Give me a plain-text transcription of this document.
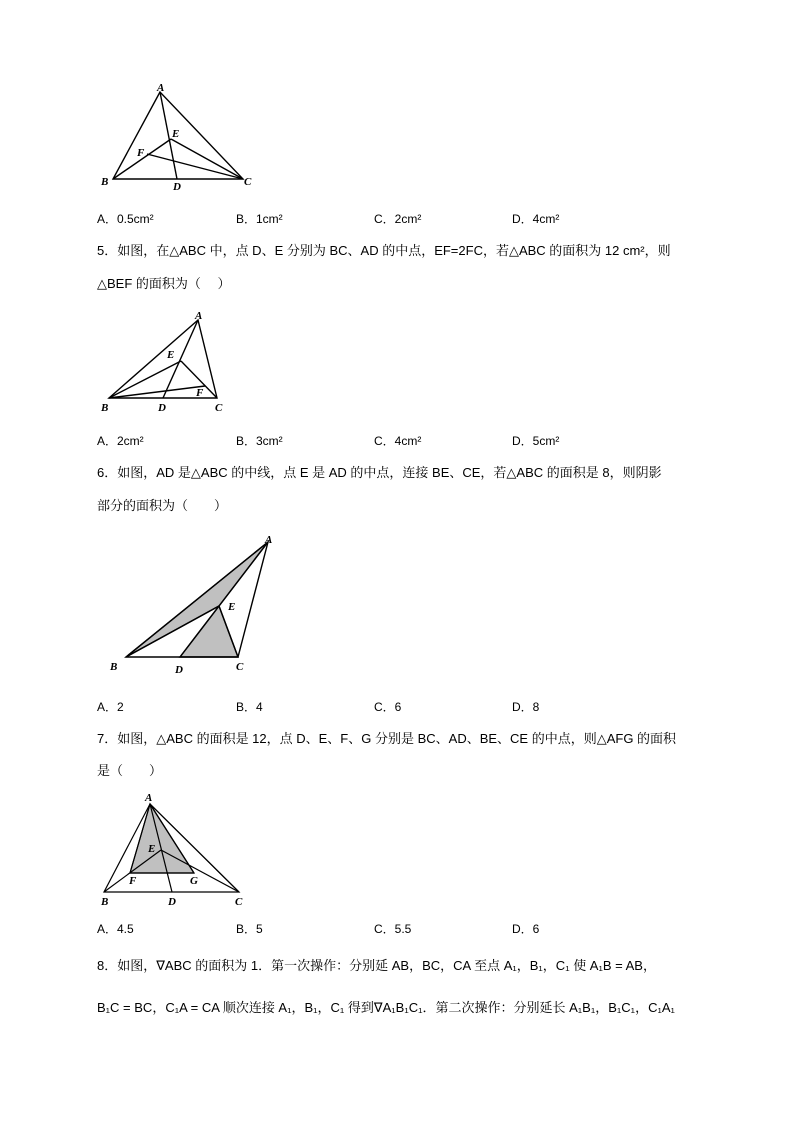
A
B	C
D
E
F
A．0.5cm²	B．1cm²	C．2cm²	D．4cm²
5．如图，在△ABC 中，点 D、E 分别为 BC、AD 的中点，EF=2FC，若△ABC 的面积为 12 cm²，则
△BEF 的面积为（　 ）
A
B	C
D
E
F
A．2cm²	B．3cm²	C．4cm²	D．5cm²
6．如图，AD 是△ABC 的中线，点 E 是 AD 的中点，连接 BE、CE，若△ABC 的面积是 8，则阴影
部分的面积为（　　）
A
B	C
D
E
A．2	B．4	C．6	D．8
7．如图，△ABC 的面积是 12，点 D、E、F、G 分别是 BC、AD、BE、CE 的中点，则△AFG 的面积
是（　　）
A
B	C
D
E
F	G
A．4.5	B．5	C．5.5	D．6
8．如图，∇ABC 的面积为 1．第一次操作：分别延 AB，BC，CA 至点 A₁，B₁，C₁ 使 A₁B = AB，
B₁C = BC，C₁A = CA 顺次连接 A₁，B₁，C₁ 得到∇A₁B₁C₁．第二次操作：分别延长 A₁B₁，B₁C₁，C₁A₁
